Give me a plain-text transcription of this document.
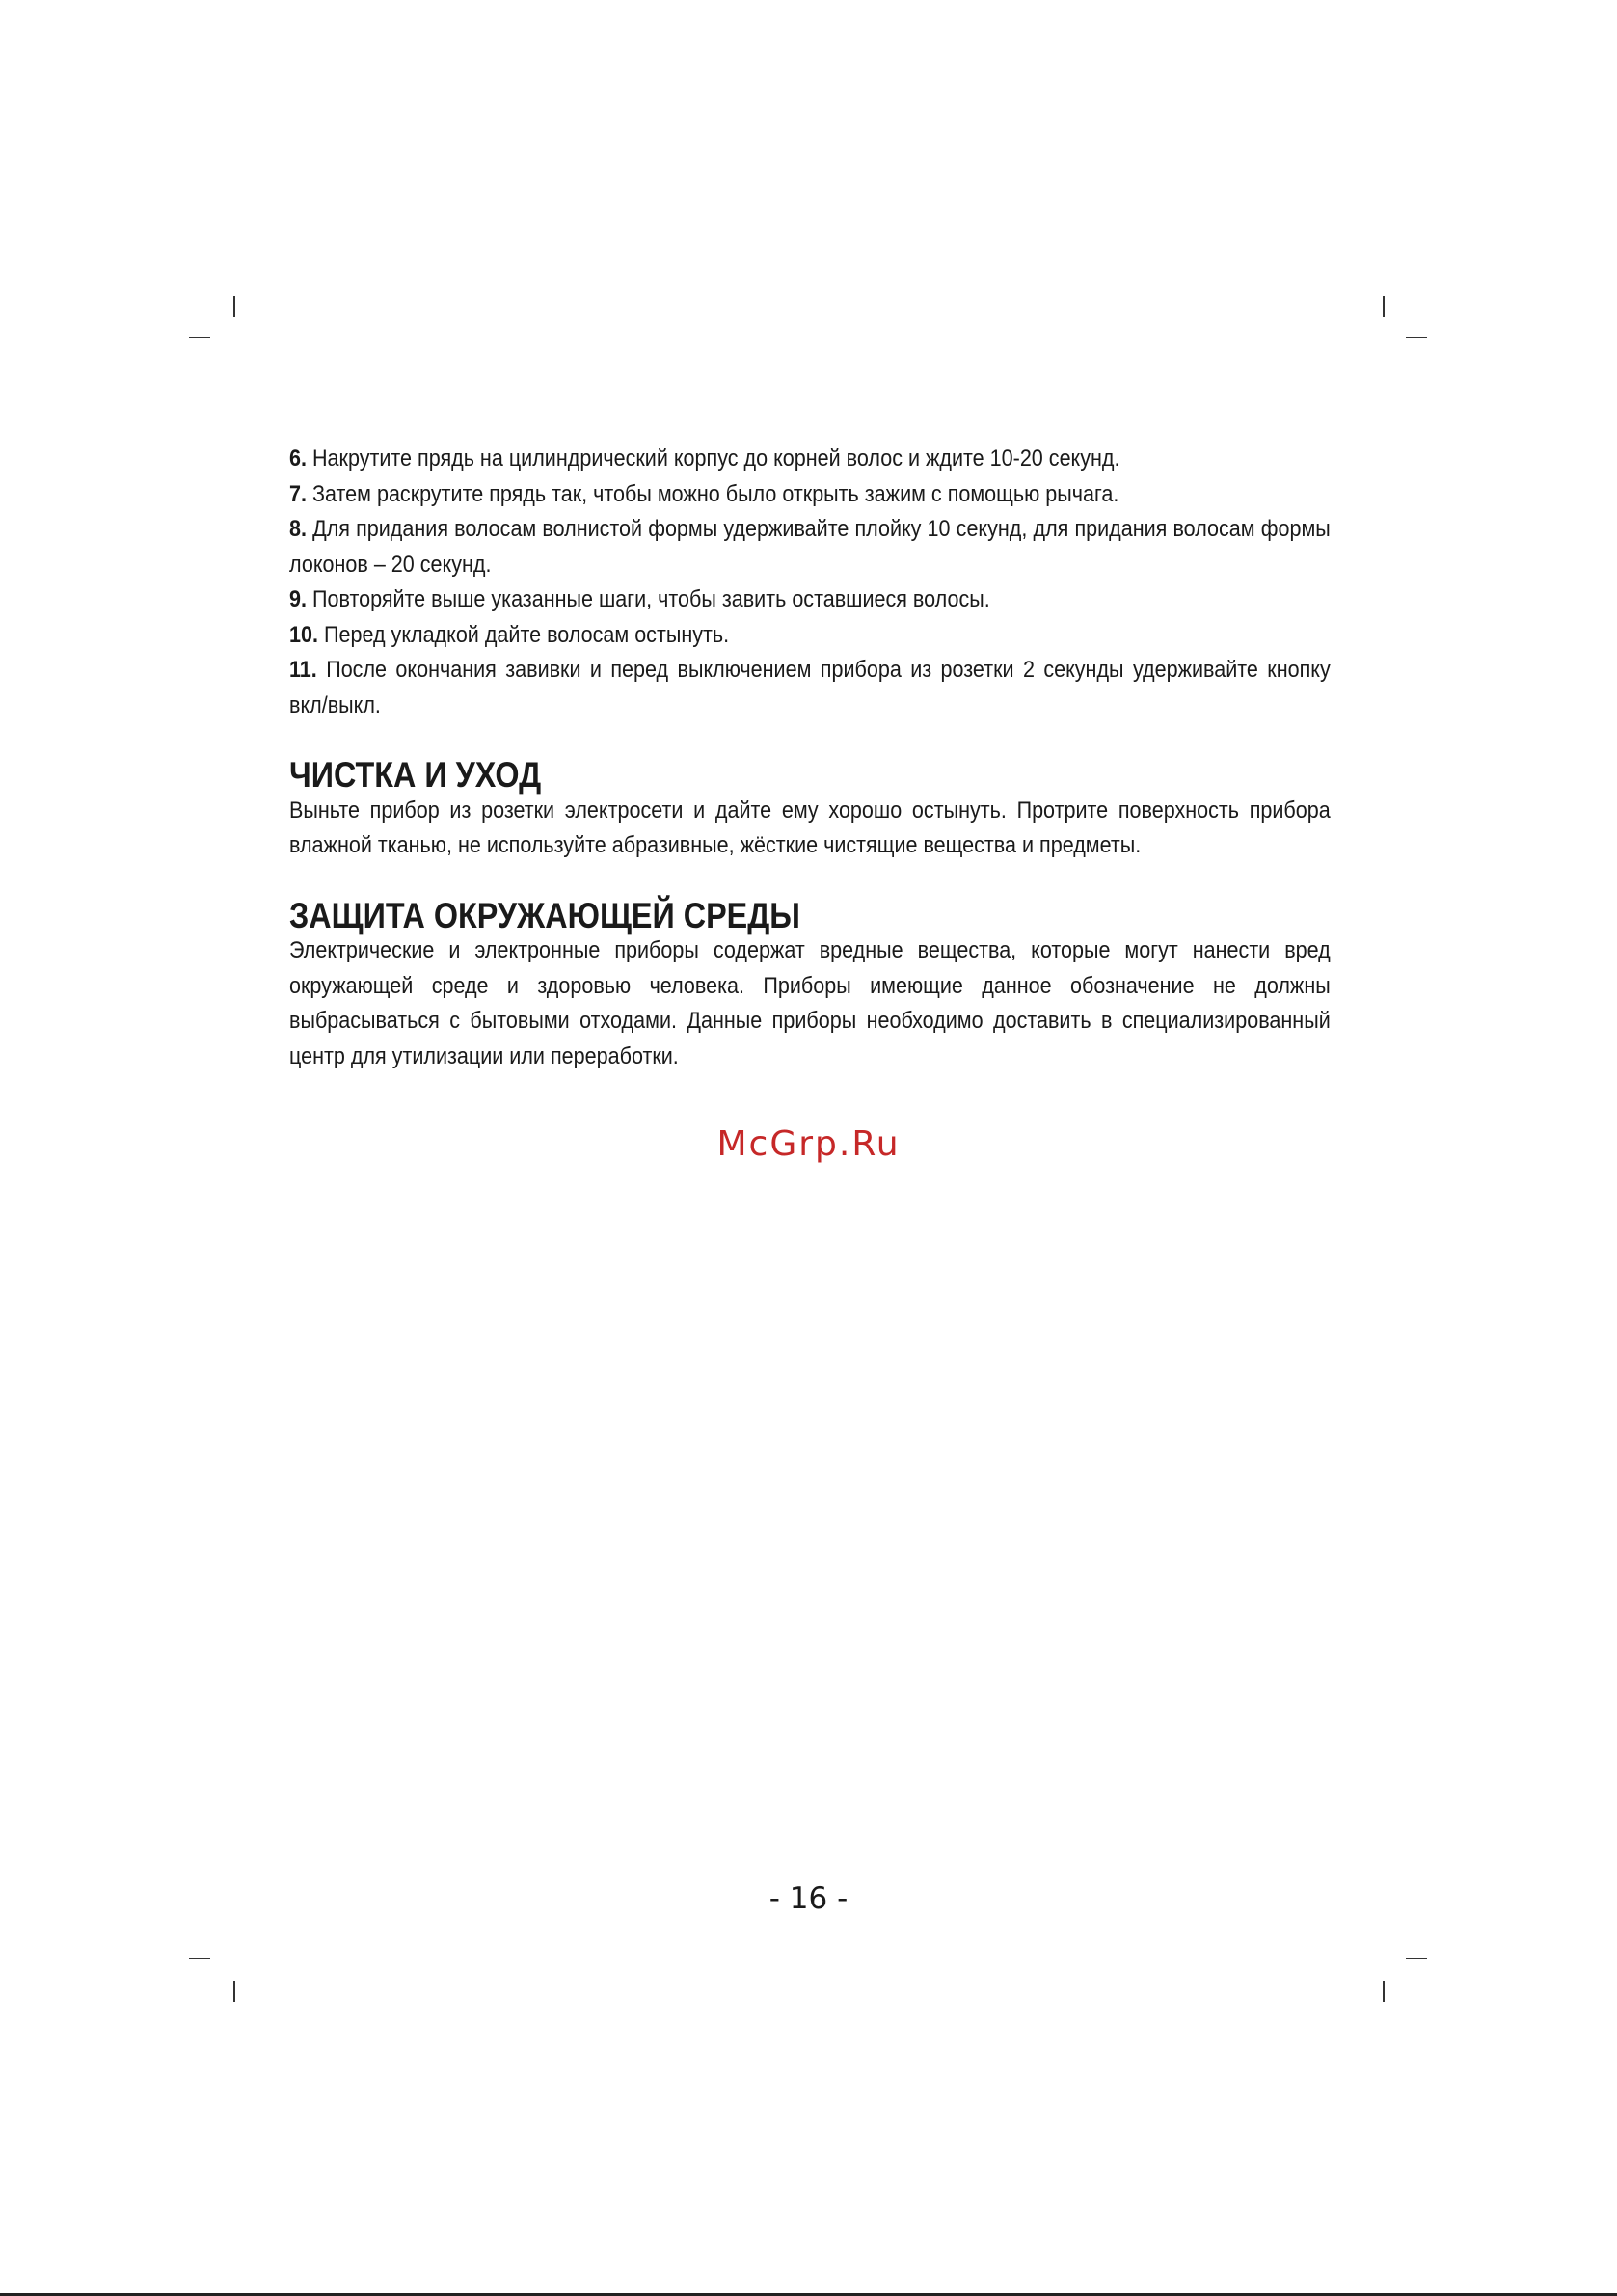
6. Накрутите прядь на цилиндрический корпус до корней волос и ждите 10-20 секунд.

7. Затем раскрутите прядь так, чтобы можно было открыть зажим с помощью рычага.

8. Для придания волосам волнистой формы удерживайте плойку 10 секунд, для придания волосам формы локонов – 20 секунд.

9. Повторяйте выше указанные шаги, чтобы завить оставшиеся волосы.

10. Перед укладкой дайте волосам остынуть.

11. После окончания завивки и перед выключением прибора из розетки 2 секунды удерживайте кнопку вкл/выкл.

ЧИСТКА И УХОД

Выньте прибор из розетки электросети и дайте ему хорошо остынуть. Протрите поверхность прибора влажной тканью, не используйте абразивные, жёсткие чистящие вещества и предметы.

ЗАЩИТА ОКРУЖАЮЩЕЙ СРЕДЫ

Электрические и электронные приборы содержат вредные вещества, которые могут нанести вред окружающей среде и здоровью человека. Приборы имеющие данное обозначение не должны выбрасываться с бытовыми отходами. Данные приборы необходимо доставить в специализированный центр для утилизации или переработки.

McGrp.Ru
- 16 -
